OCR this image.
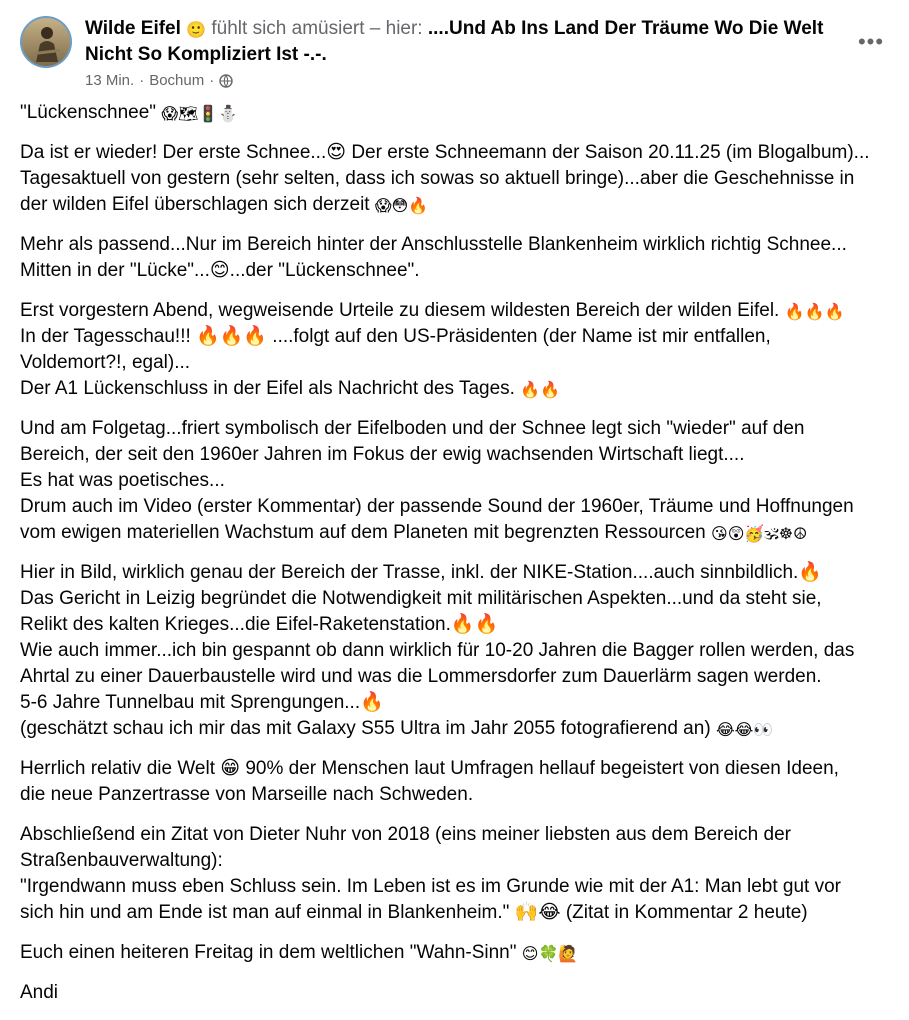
Wilde Eifel 🙂 fühlt sich amüsiert – hier: ....Und Ab Ins Land Der Träume Wo Die Welt Nicht So Kompliziert Ist -.-.
13 Min. · Bochum ·
•••

"Lückenschnee" 😱🗺🚦⛄

Da ist er wieder! Der erste Schnee...😍 Der erste Schneemann der Saison 20.11.25 (im Blogalbum)...
Tagesaktuell von gestern (sehr selten, dass ich sowas so aktuell bringe)...aber die Geschehnisse in
der wilden Eifel überschlagen sich derzeit 😱😳🔥

Mehr als passend...Nur im Bereich hinter der Anschlusstelle Blankenheim wirklich richtig Schnee...
Mitten in der "Lücke"...😊...der "Lückenschnee".

Erst vorgestern Abend, wegweisende Urteile zu diesem wildesten Bereich der wilden Eifel. 🔥🔥🔥
In der Tagesschau!!! 🔥🔥🔥 ....folgt auf den US-Präsidenten (der Name ist mir entfallen,
Voldemort?!, egal)...
Der A1 Lückenschluss in der Eifel als Nachricht des Tages. 🔥🔥

Und am Folgetag...friert symbolisch der Eifelboden und der Schnee legt sich "wieder" auf den
Bereich, der seit den 1960er Jahren im Fokus der ewig wachsenden Wirtschaft liegt....
Es hat was poetisches...
Drum auch im Video (erster Kommentar) der passende Sound der 1960er, Träume und Hoffnungen
vom ewigen materiellen Wachstum auf dem Planeten mit begrenzten Ressourcen 😘😲🥳🕉☸☮

Hier in Bild, wirklich genau der Bereich der Trasse, inkl. der NIKE-Station....auch sinnbildlich.🔥
Das Gericht in Leizig begründet die Notwendigkeit mit militärischen Aspekten...und da steht sie,
Relikt des kalten Krieges...die Eifel-Raketenstation.🔥🔥
Wie auch immer...ich bin gespannt ob dann wirklich für 10-20 Jahren die Bagger rollen werden, das
Ahrtal zu einer Dauerbaustelle wird und was die Lommersdorfer zum Dauerlärm sagen werden.
5-6 Jahre Tunnelbau mit Sprengungen...🔥
(geschätzt schau ich mir das mit Galaxy S55 Ultra im Jahr 2055 fotografierend an) 😂😂👀

Herrlich relativ die Welt 😁 90% der Menschen laut Umfragen hellauf begeistert von diesen Ideen,
die neue Panzertrasse von Marseille nach Schweden.

Abschließend ein Zitat von Dieter Nuhr von 2018 (eins meiner liebsten aus dem Bereich der
Straßenbauverwaltung):
"Irgendwann muss eben Schluss sein. Im Leben ist es im Grunde wie mit der A1: Man lebt gut vor
sich hin und am Ende ist man auf einmal in Blankenheim." 🙌😂 (Zitat in Kommentar 2 heute)

Euch einen heiteren Freitag in dem weltlichen "Wahn-Sinn" 😊🍀🙋

Andi
